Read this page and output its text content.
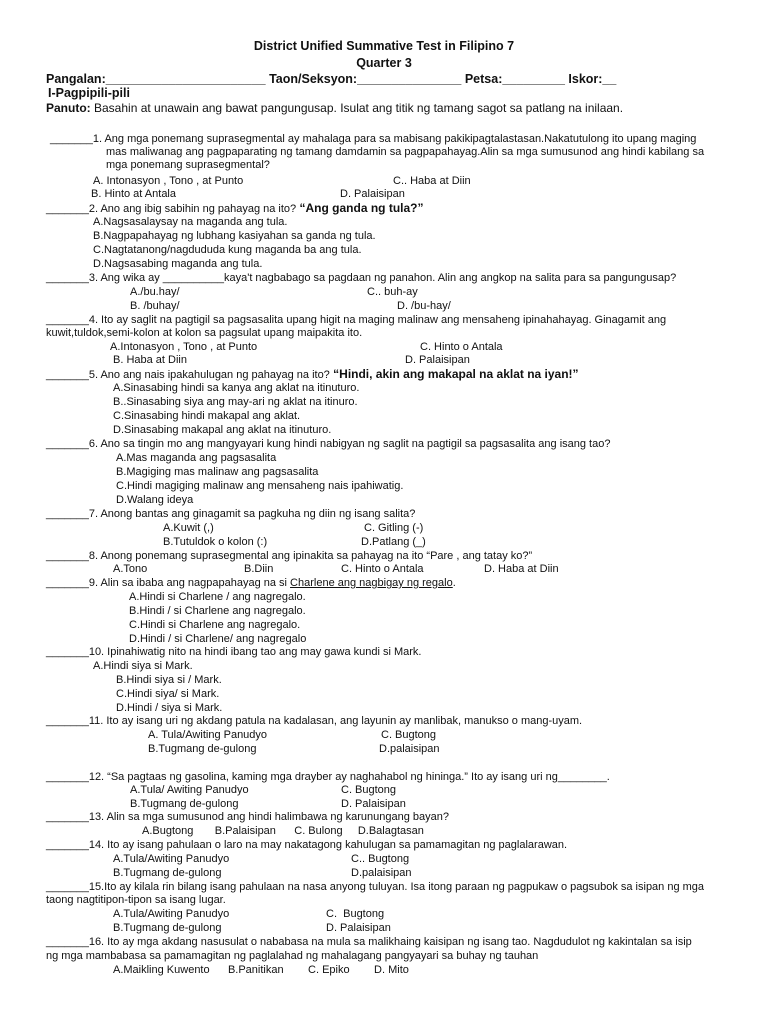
District Unified Summative Test in Filipino 7
Quarter 3
Pangalan:_______________________ Taon/Seksyon:_______________ Petsa:_________ Iskor:__
I-Pagpipili-pili
Panuto: Basahin at unawain ang bawat pangungusap. Isulat ang titik ng tamang sagot sa patlang na inilaan.
_______1. Ang mga ponemang suprasegmental ay mahalaga para sa mabisang pakikipagtalastasan.Nakatutulong ito upang maging
mas maliwanag ang pagpaparating ng tamang damdamin sa pagpapahayag.Alin sa mga sumusunod ang hindi kabilang sa
mga ponemang suprasegmental?
A. Intonasyon , Tono , at Punto	C.. Haba at Diin
B. Hinto at Antala	D. Palaisipan
_______2. Ano ang ibig sabihin ng pahayag na ito? “Ang ganda ng tula?”
A.Nagsasalaysay na maganda ang tula.
B.Nagpapahayag ng lubhang kasiyahan sa ganda ng tula.
C.Nagtatanong/nagdududa kung maganda ba ang tula.
D.Nagsasabing maganda ang tula.
_______3. Ang wika ay __________kaya't nagbabago sa pagdaan ng panahon. Alin ang angkop na salita para sa pangungusap?
A./bu.hay/	C.. buh-ay
B. /buhay/	D. /bu-hay/
_______4. Ito ay saglit na pagtigil sa pagsasalita upang higit na maging malinaw ang mensaheng ipinahahayag. Ginagamit ang
kuwit,tuldok,semi-kolon at kolon sa pagsulat upang maipakita ito.
A.Intonasyon , Tono , at Punto	C. Hinto o Antala
B. Haba at Diin	D. Palaisipan
_______5. Ano ang nais ipakahulugan ng pahayag na ito? “Hindi, akin ang makapal na aklat na iyan!”
A.Sinasabing hindi sa kanya ang aklat na itinuturo.
B..Sinasabing siya ang may-ari ng aklat na itinuro.
C.Sinasabing hindi makapal ang aklat.
D.Sinasabing makapal ang aklat na itinuturo.
_______6. Ano sa tingin mo ang mangyayari kung hindi nabigyan ng saglit na pagtigil sa pagsasalita ang isang tao?
A.Mas maganda ang pagsasalita
B.Magiging mas malinaw ang pagsasalita
C.Hindi magiging malinaw ang mensaheng nais ipahiwatig.
D.Walang ideya
_______7. Anong bantas ang ginagamit sa pagkuha ng diin ng isang salita?
A.Kuwit (,)	C. Gitling (-)
B.Tutuldok o kolon (:)	D.Patlang (_)
_______8. Anong ponemang suprasegmental ang ipinakita sa pahayag na ito “Pare , ang tatay ko?”
A.Tono	B.Diin	C. Hinto o Antala	D. Haba at Diin
_______9. Alin sa ibaba ang nagpapahayag na si Charlene ang nagbigay ng regalo.
A.Hindi si Charlene / ang nagregalo.
B.Hindi / si Charlene ang nagregalo.
C.Hindi si Charlene ang nagregalo.
D.Hindi / si Charlene/ ang nagregalo
_______10. Ipinahiwatig nito na hindi ibang tao ang may gawa kundi si Mark.
A.Hindi siya si Mark.
B.Hindi siya si / Mark.
C.Hindi siya/ si Mark.
D.Hindi / siya si Mark.
_______11. Ito ay isang uri ng akdang patula na kadalasan, ang layunin ay manlibak, manukso o mang-uyam.
A. Tula/Awiting Panudyo	C. Bugtong
B.Tugmang de-gulong	D.palaisipan
_______12. “Sa pagtaas ng gasolina, kaming mga drayber ay naghahabol ng hininga.” Ito ay isang uri ng________.
A.Tula/ Awiting Panudyo	C. Bugtong
B.Tugmang de-gulong	D. Palaisipan
_______13. Alin sa mga sumusunod ang hindi halimbawa ng karunungang bayan?
A.Bugtong       B.Palaisipan      C. Bulong     D.Balagtasan
_______14. Ito ay isang pahulaan o laro na may nakatagong kahulugan sa pamamagitan ng paglalarawan.
A.Tula/Awiting Panudyo	C.. Bugtong
B.Tugmang de-gulong	D.palaisipan
_______15.Ito ay kilala rin bilang isang pahulaan na nasa anyong tuluyan. Isa itong paraan ng pagpukaw o pagsubok sa isipan ng mga
taong nagtitipon-tipon sa isang lugar.
A.Tula/Awiting Panudyo	C.  Bugtong
B.Tugmang de-gulong	D. Palaisipan
_______16. Ito ay mga akdang nasusulat o nababasa na mula sa malikhaing kaisipan ng isang tao. Nagdudulot ng kakintalan sa isip
ng mga mambabasa sa pamamagitan ng paglalahad ng mahalagang pangyayari sa buhay ng tauhan
A.Maikling Kuwento      B.Panitikan        C. Epiko        D. Mito
